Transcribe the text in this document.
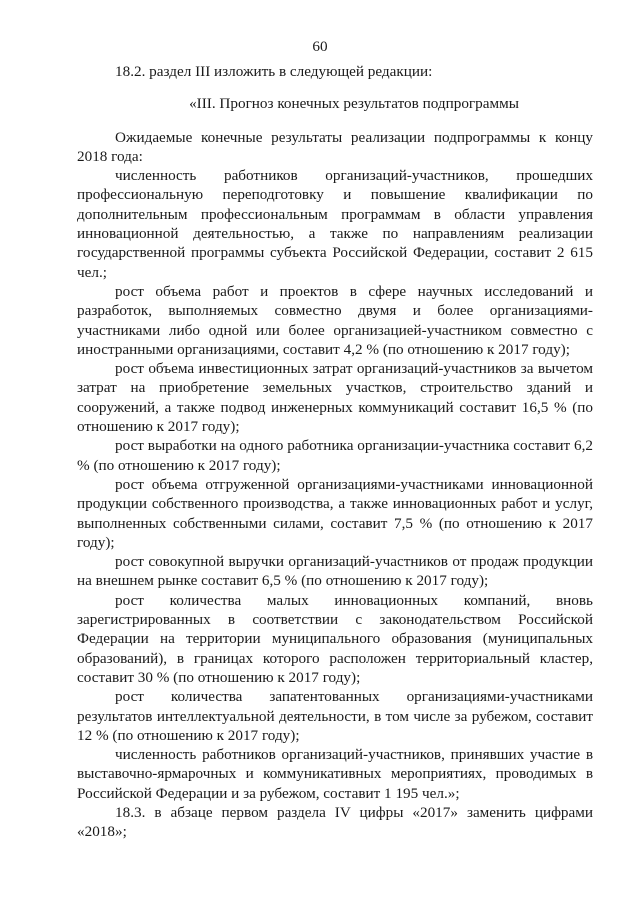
60

18.2. раздел III изложить в следующей редакции:

«III. Прогноз конечных результатов подпрограммы

Ожидаемые конечные результаты реализации подпрограммы к концу 2018 года:

численность работников организаций-участников, прошедших профессиональную переподготовку и повышение квалификации по дополнительным профессиональным программам в области управления инновационной деятельностью, а также по направлениям реализации государственной программы субъекта Российской Федерации, составит 2 615 чел.;

рост объема работ и проектов в сфере научных исследований и разработок, выполняемых совместно двумя и более организациями-участниками либо одной или более организацией-участником совместно с иностранными организациями, составит 4,2 % (по отношению к 2017 году);

рост объема инвестиционных затрат организаций-участников за вычетом затрат на приобретение земельных участков, строительство зданий и сооружений, а также подвод инженерных коммуникаций составит 16,5 % (по отношению к 2017 году);

рост выработки на одного работника организации-участника составит 6,2 % (по отношению к 2017 году);

рост объема отгруженной организациями-участниками инновационной продукции собственного производства, а также инновационных работ и услуг, выполненных собственными силами, составит 7,5 % (по отношению к 2017 году);

рост совокупной выручки организаций-участников от продаж продукции на внешнем рынке составит 6,5 % (по отношению к 2017 году);

рост количества малых инновационных компаний, вновь зарегистрированных в соответствии с законодательством Российской Федерации на территории муниципального образования (муниципальных образований), в границах которого расположен территориальный кластер, составит 30 % (по отношению к 2017 году);

рост количества запатентованных организациями-участниками результатов интеллектуальной деятельности, в том числе за рубежом, составит 12 % (по отношению к 2017 году);

численность работников организаций-участников, принявших участие в выставочно-ярмарочных и коммуникативных мероприятиях, проводимых в Российской Федерации и за рубежом, составит 1 195 чел.»;

18.3. в абзаце первом раздела IV цифры «2017» заменить цифрами «2018»;
